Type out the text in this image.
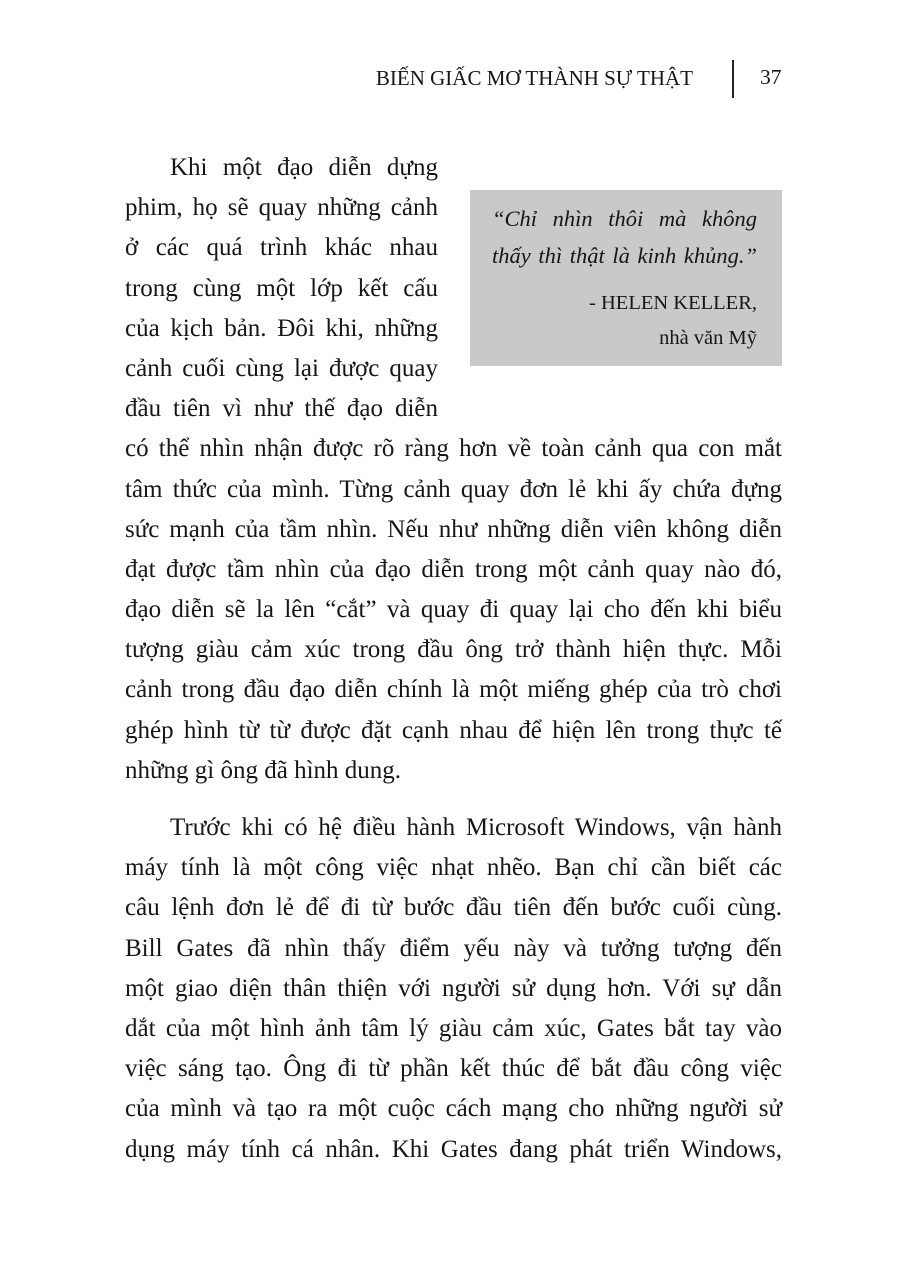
BIẾN GIẤC MƠ THÀNH SỰ THẬT	37
“Chỉ nhìn thôi mà không
thấy thì thật là kinh khủng.”
- HELEN KELLER,
nhà văn Mỹ
Khi một đạo diễn dựng
phim, họ sẽ quay những cảnh
ở các quá trình khác nhau
trong cùng một lớp kết cấu
của kịch bản. Đôi khi, những
cảnh cuối cùng lại được quay
đầu tiên vì như thế đạo diễn
có thể nhìn nhận được rõ ràng hơn về toàn cảnh qua con mắt
tâm thức của mình. Từng cảnh quay đơn lẻ khi ấy chứa đựng
sức mạnh của tầm nhìn. Nếu như những diễn viên không diễn
đạt được tầm nhìn của đạo diễn trong một cảnh quay nào đó,
đạo diễn sẽ la lên “cắt” và quay đi quay lại cho đến khi biểu
tượng giàu cảm xúc trong đầu ông trở thành hiện thực. Mỗi
cảnh trong đầu đạo diễn chính là một miếng ghép của trò chơi
ghép hình từ từ được đặt cạnh nhau để hiện lên trong thực tế
những gì ông đã hình dung.
Trước khi có hệ điều hành Microsoft Windows, vận hành
máy tính là một công việc nhạt nhẽo. Bạn chỉ cần biết các
câu lệnh đơn lẻ để đi từ bước đầu tiên đến bước cuối cùng.
Bill Gates đã nhìn thấy điểm yếu này và tưởng tượng đến
một giao diện thân thiện với người sử dụng hơn. Với sự dẫn
dắt của một hình ảnh tâm lý giàu cảm xúc, Gates bắt tay vào
việc sáng tạo. Ông đi từ phần kết thúc để bắt đầu công việc
của mình và tạo ra một cuộc cách mạng cho những người sử
dụng máy tính cá nhân. Khi Gates đang phát triển Windows,
